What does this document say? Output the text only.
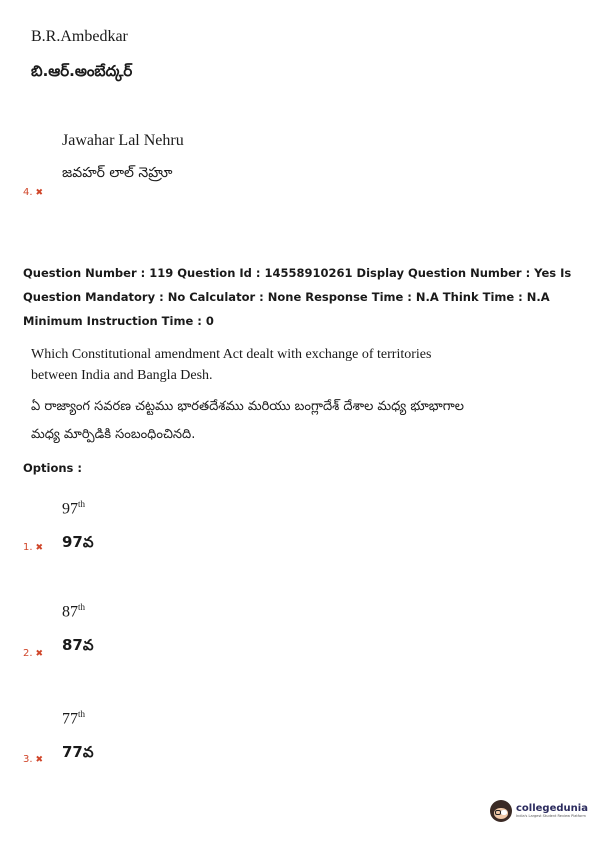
B.R.Ambedkar
బి.ఆర్.అంబేద్కర్
Jawahar Lal Nehru
జవహర్ లాల్ నెహ్రూ
4. ✖
Question Number : 119 Question Id : 14558910261 Display Question Number : Yes Is Question Mandatory : No Calculator : None Response Time : N.A Think Time : N.A Minimum Instruction Time : 0
Which Constitutional amendment Act dealt with exchange of territories between India and Bangla Desh.
ఏ రాజ్యాంగ సవరణ చట్టము భారతదేశము మరియు బంగ్లాదేశ్ దేశాల మధ్య భూభాగాల మధ్య మార్పిడికి సంబంధించినది.
Options :
97th
97వ
1. ✖
87th
87వ
2. ✖
77th
77వ
3. ✖
collegedunia
India's Largest Student Review Platform
